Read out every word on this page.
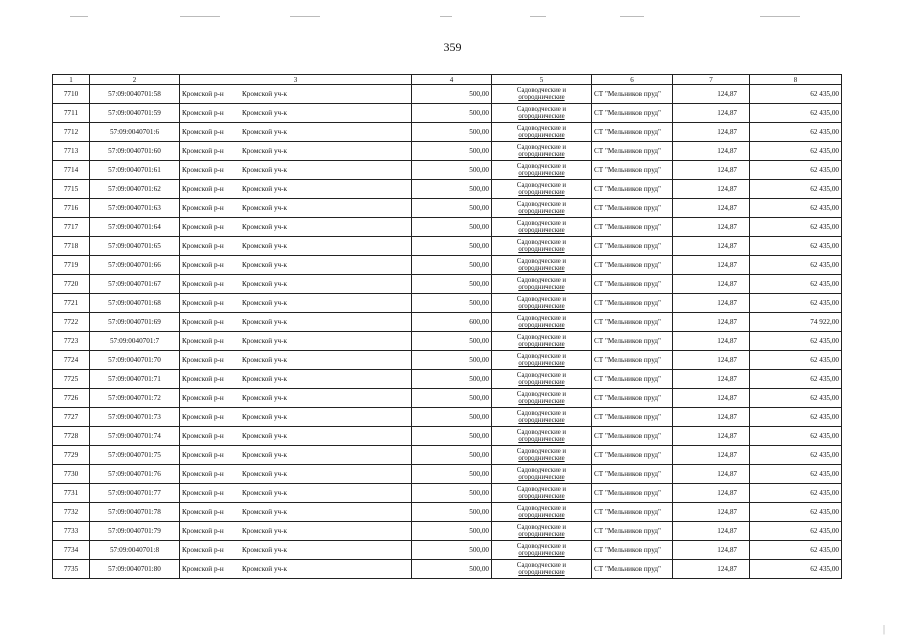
359
1	2	3	4	5	6	7	8
7710	57:09:0040701:58	Кромской р-н Кромской уч-к	500,00	Садоводческие и
огороднические	СТ "Мельников пруд"	124,87	62 435,00
7711	57:09:0040701:59	Кромской р-н Кромской уч-к	500,00	Садоводческие и
огороднические	СТ "Мельников пруд"	124,87	62 435,00
7712	57:09:0040701:6	Кромской р-н Кромской уч-к	500,00	Садоводческие и
огороднические	СТ "Мельников пруд"	124,87	62 435,00
7713	57:09:0040701:60	Кромской р-н Кромской уч-к	500,00	Садоводческие и
огороднические	СТ "Мельников пруд"	124,87	62 435,00
7714	57:09:0040701:61	Кромской р-н Кромской уч-к	500,00	Садоводческие и
огороднические	СТ "Мельников пруд"	124,87	62 435,00
7715	57:09:0040701:62	Кромской р-н Кромской уч-к	500,00	Садоводческие и
огороднические	СТ "Мельников пруд"	124,87	62 435,00
7716	57:09:0040701:63	Кромской р-н Кромской уч-к	500,00	Садоводческие и
огороднические	СТ "Мельников пруд"	124,87	62 435,00
7717	57:09:0040701:64	Кромской р-н Кромской уч-к	500,00	Садоводческие и
огороднические	СТ "Мельников пруд"	124,87	62 435,00
7718	57:09:0040701:65	Кромской р-н Кромской уч-к	500,00	Садоводческие и
огороднические	СТ "Мельников пруд"	124,87	62 435,00
7719	57:09:0040701:66	Кромской р-н Кромской уч-к	500,00	Садоводческие и
огороднические	СТ "Мельников пруд"	124,87	62 435,00
7720	57:09:0040701:67	Кромской р-н Кромской уч-к	500,00	Садоводческие и
огороднические	СТ "Мельников пруд"	124,87	62 435,00
7721	57:09:0040701:68	Кромской р-н Кромской уч-к	500,00	Садоводческие и
огороднические	СТ "Мельников пруд"	124,87	62 435,00
7722	57:09:0040701:69	Кромской р-н Кромской уч-к	600,00	Садоводческие и
огороднические	СТ "Мельников пруд"	124,87	74 922,00
7723	57:09:0040701:7	Кромской р-н Кромской уч-к	500,00	Садоводческие и
огороднические	СТ "Мельников пруд"	124,87	62 435,00
7724	57:09:0040701:70	Кромской р-н Кромской уч-к	500,00	Садоводческие и
огороднические	СТ "Мельников пруд"	124,87	62 435,00
7725	57:09:0040701:71	Кромской р-н Кромской уч-к	500,00	Садоводческие и
огороднические	СТ "Мельников пруд"	124,87	62 435,00
7726	57:09:0040701:72	Кромской р-н Кромской уч-к	500,00	Садоводческие и
огороднические	СТ "Мельников пруд"	124,87	62 435,00
7727	57:09:0040701:73	Кромской р-н Кромской уч-к	500,00	Садоводческие и
огороднические	СТ "Мельников пруд"	124,87	62 435,00
7728	57:09:0040701:74	Кромской р-н Кромской уч-к	500,00	Садоводческие и
огороднические	СТ "Мельников пруд"	124,87	62 435,00
7729	57:09:0040701:75	Кромской р-н Кромской уч-к	500,00	Садоводческие и
огороднические	СТ "Мельников пруд"	124,87	62 435,00
7730	57:09:0040701:76	Кромской р-н Кромской уч-к	500,00	Садоводческие и
огороднические	СТ "Мельников пруд"	124,87	62 435,00
7731	57:09:0040701:77	Кромской р-н Кромской уч-к	500,00	Садоводческие и
огороднические	СТ "Мельников пруд"	124,87	62 435,00
7732	57:09:0040701:78	Кромской р-н Кромской уч-к	500,00	Садоводческие и
огороднические	СТ "Мельников пруд"	124,87	62 435,00
7733	57:09:0040701:79	Кромской р-н Кромской уч-к	500,00	Садоводческие и
огороднические	СТ "Мельников пруд"	124,87	62 435,00
7734	57:09:0040701:8	Кромской р-н Кромской уч-к	500,00	Садоводческие и
огороднические	СТ "Мельников пруд"	124,87	62 435,00
7735	57:09:0040701:80	Кромской р-н Кромской уч-к	500,00	Садоводческие и
огороднические	СТ "Мельников пруд"	124,87	62 435,00
|
